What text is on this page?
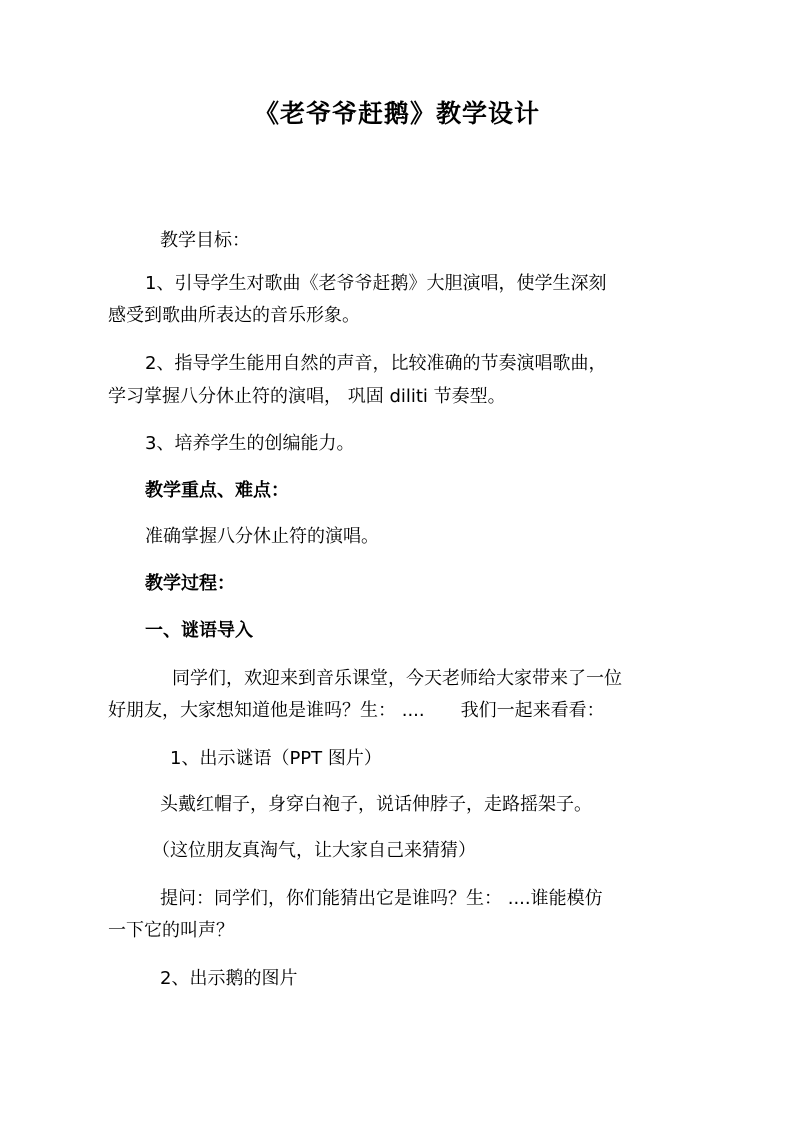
《老爷爷赶鹅》教学设计

教学目标：

1、引导学生对歌曲《老爷爷赶鹅》大胆演唱，使学生深刻

感受到歌曲所表达的音乐形象。

2、指导学生能用自然的声音，比较准确的节奏演唱歌曲，

学习掌握八分休止符的演唱， 巩固 diliti 节奏型。

3、培养学生的创编能力。

教学重点、难点：

准确掌握八分休止符的演唱。

教学过程：

一、谜语导入

同学们，欢迎来到音乐课堂，今天老师给大家带来了一位

好朋友，大家想知道他是谁吗？生： .... 我们一起来看看：

1、出示谜语（PPT 图片）

头戴红帽子，身穿白袍子，说话伸脖子，走路摇架子。

（这位朋友真淘气，让大家自己来猜猜）

提问：同学们，你们能猜出它是谁吗？生： ....谁能模仿

一下它的叫声？

2、出示鹅的图片
